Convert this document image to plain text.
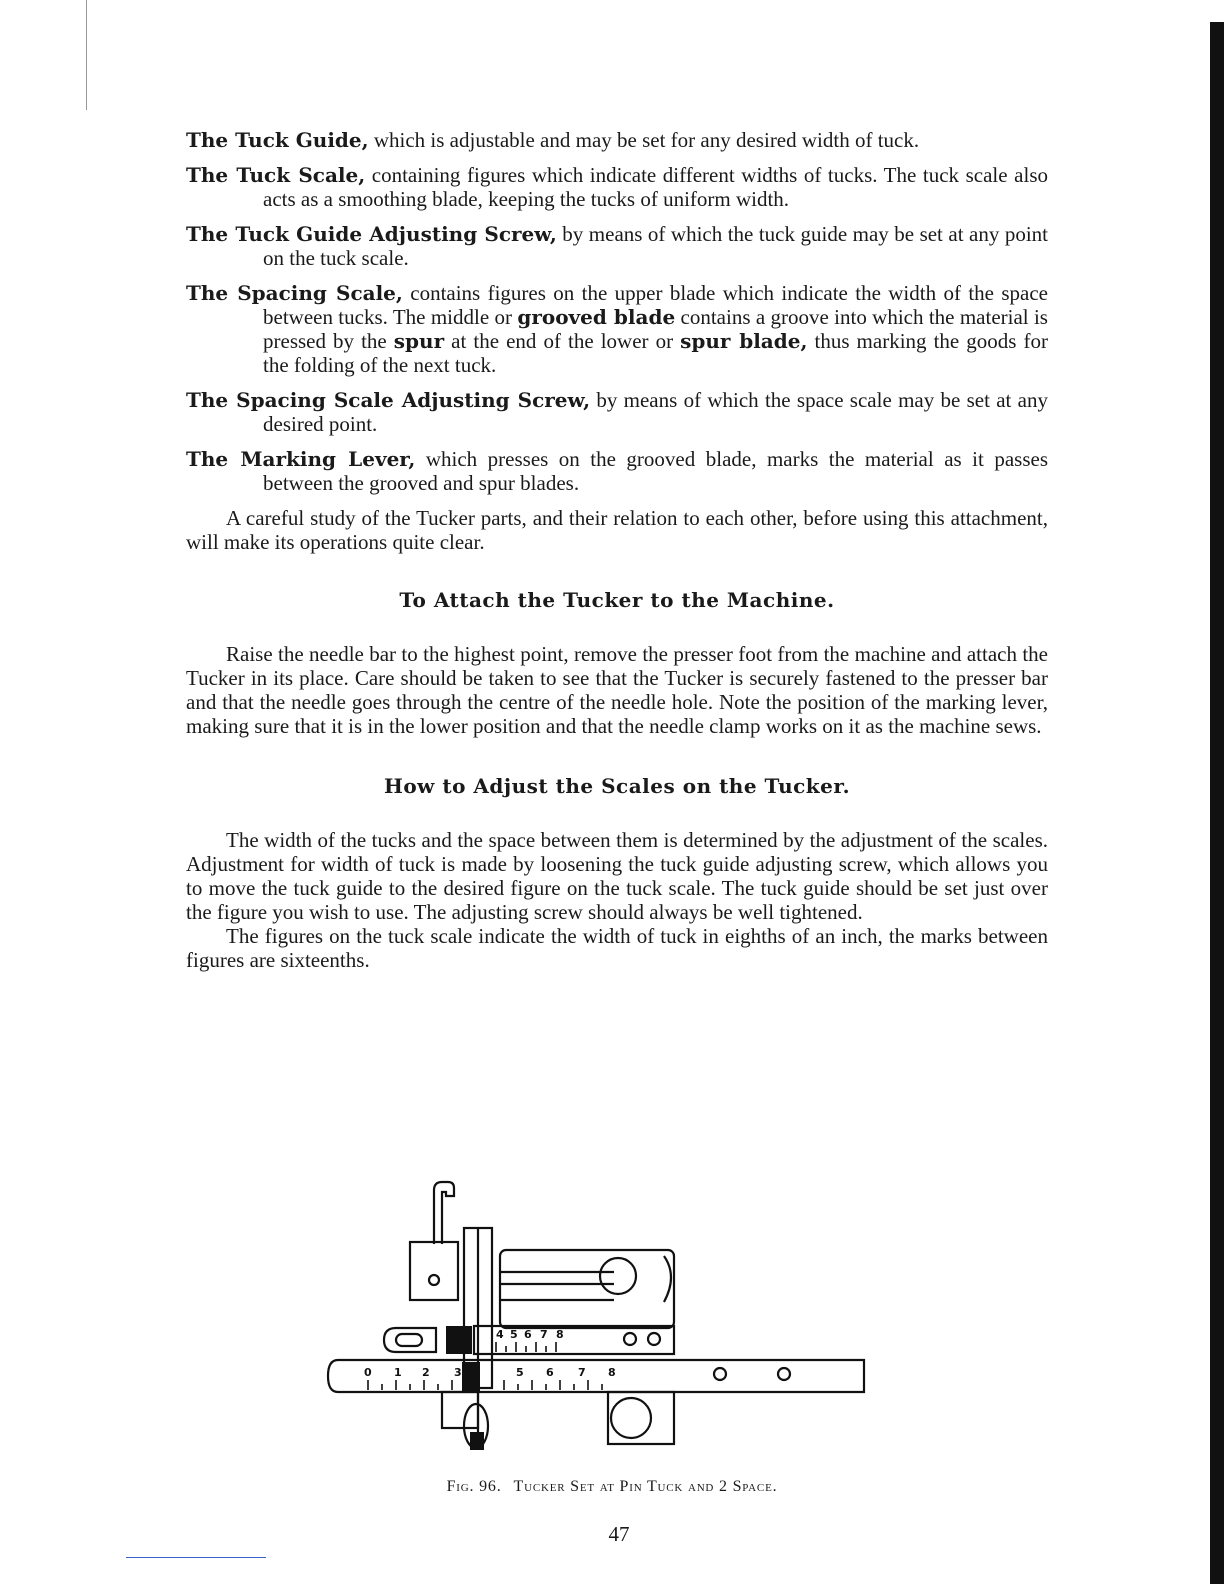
The Tuck Guide, which is adjustable and may be set for any desired width of tuck.

The Tuck Scale, containing figures which indicate different widths of tucks. The tuck scale also acts as a smoothing blade, keeping the tucks of uniform width.

The Tuck Guide Adjusting Screw, by means of which the tuck guide may be set at any point on the tuck scale.

The Spacing Scale, contains figures on the upper blade which indicate the width of the space between tucks. The middle or grooved blade contains a groove into which the material is pressed by the spur at the end of the lower or spur blade, thus marking the goods for the folding of the next tuck.

The Spacing Scale Adjusting Screw, by means of which the space scale may be set at any desired point.

The Marking Lever, which presses on the grooved blade, marks the material as it passes between the grooved and spur blades.

A careful study of the Tucker parts, and their relation to each other, before using this attachment, will make its operations quite clear.

To Attach the Tucker to the Machine.

Raise the needle bar to the highest point, remove the presser foot from the machine and attach the Tucker in its place. Care should be taken to see that the Tucker is securely fastened to the presser bar and that the needle goes through the centre of the needle hole. Note the position of the marking lever, making sure that it is in the lower position and that the needle clamp works on it as the machine sews.

How to Adjust the Scales on the Tucker.

The width of the tucks and the space between them is determined by the adjustment of the scales. Adjustment for width of tuck is made by loosening the tuck guide adjusting screw, which allows you to move the tuck guide to the desired figure on the tuck scale. The tuck guide should be set just over the figure you wish to use. The adjusting screw should always be well tightened.

The figures on the tuck scale indicate the width of tuck in eighths of an inch, the marks between figures are sixteenths.

4 5 6 7 8
0 1 2 3	5 6 7 8
Fig. 96. Tucker Set at Pin Tuck and 2 Space.
47
